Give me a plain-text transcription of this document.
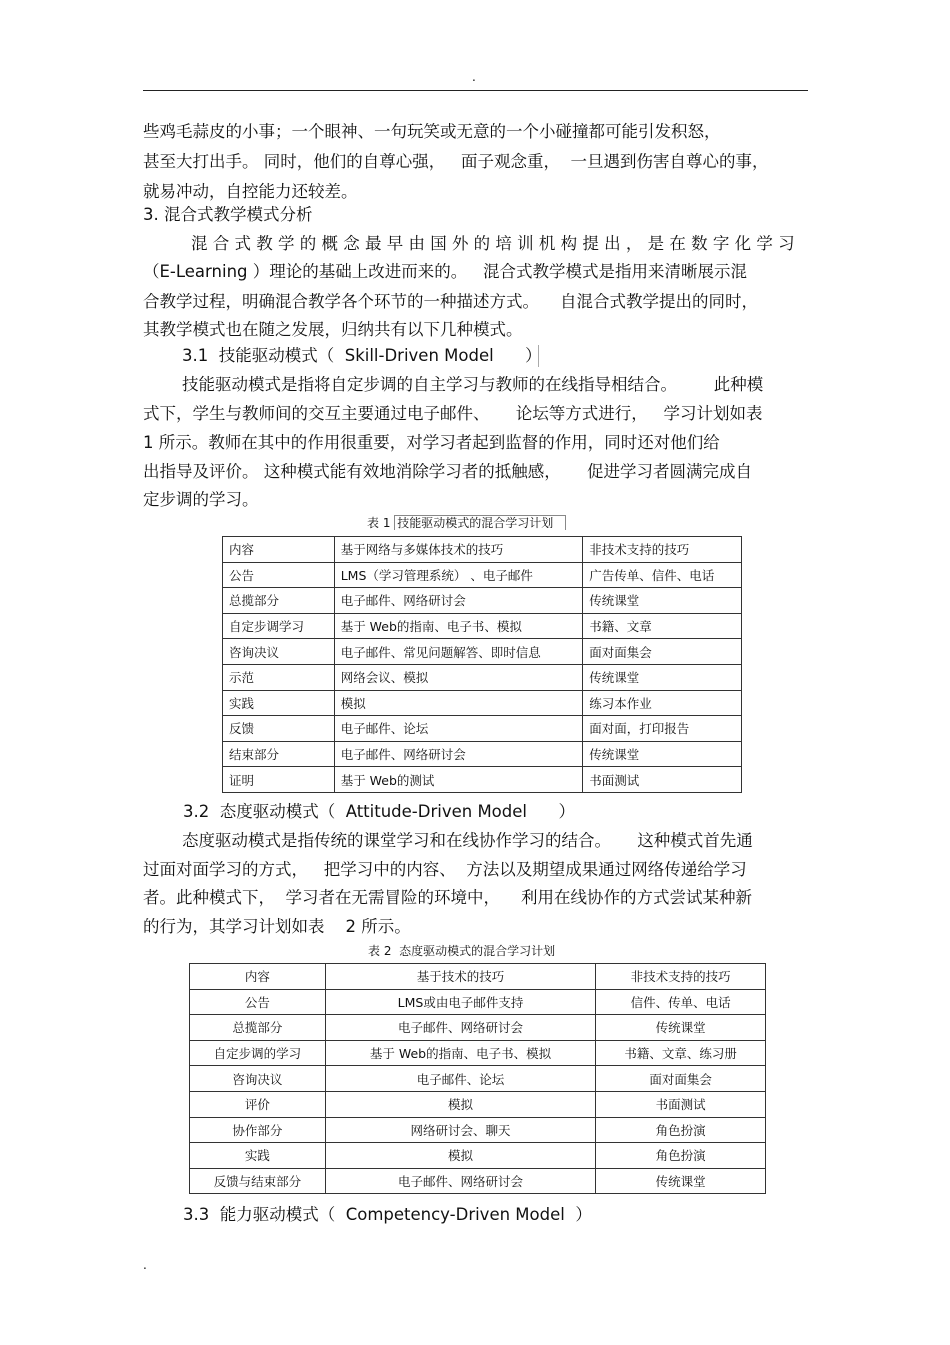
.
些鸡毛蒜皮的小事；一个眼神、一句玩笑或无意的一个小碰撞都可能引发积怒，
甚至大打出手。 同时，他们的自尊心强，   面子观念重，  一旦遇到伤害自尊心的事，
就易冲动，自控能力还较差。
3. 混合式教学模式分析
混 合 式 教 学 的 概 念 最 早 由 国 外 的 培 训 机 构 提 出 ， 是 在 数 字 化 学 习
（E-Learning ）理论的基础上改进而来的。   混合式教学模式是指用来清晰展示混
合教学过程，明确混合教学各个环节的一种描述方式。    自混合式教学提出的同时，
其教学模式也在随之发展，归纳共有以下几种模式。
3.1  技能驱动模式（  Skill-Driven Model      ）
技能驱动模式是指将自定步调的自主学习与教师的在线指导相结合。       此种模
式下，学生与教师间的交互主要通过电子邮件、     论坛等方式进行，   学习计划如表
1 所示。教师在其中的作用很重要，对学习者起到监督的作用，同时还对他们给
出指导及评价。 这种模式能有效地消除学习者的抵触感，     促进学习者圆满完成自
定步调的学习。
表 1 技能驱动模式的混合学习计划
内容	基于网络与多媒体技术的技巧	非技术支持的技巧
公告	LMS（学习管理系统） 、电子邮件	广告传单、信件、电话
总揽部分	电子邮件、网络研讨会	传统课堂
自定步调学习	基于 Web的指南、电子书、模拟	书籍、文章
咨询决议	电子邮件、常见问题解答、即时信息	面对面集会
示范	网络会议、模拟	传统课堂
实践	模拟	练习本作业
反馈	电子邮件、论坛	面对面，打印报告
结束部分	电子邮件、网络研讨会	传统课堂
证明	基于 Web的测试	书面测试
3.2  态度驱动模式（  Attitude-Driven Model      ）
态度驱动模式是指传统的课堂学习和在线协作学习的结合。     这种模式首先通
过面对面学习的方式，   把学习中的内容、  方法以及期望成果通过网络传递给学习
者。此种模式下，  学习者在无需冒险的环境中，    利用在线协作的方式尝试某种新
的行为，其学习计划如表    2 所示。
表 2  态度驱动模式的混合学习计划
内容	基于技术的技巧	非技术支持的技巧
公告	LMS或由电子邮件支持	信件、传单、电话
总揽部分	电子邮件、网络研讨会	传统课堂
自定步调的学习	基于 Web的指南、电子书、模拟	书籍、文章、练习册
咨询决议	电子邮件、论坛	面对面集会
评价	模拟	书面测试
协作部分	网络研讨会、聊天	角色扮演
实践	模拟	角色扮演
反馈与结束部分	电子邮件、网络研讨会	传统课堂
3.3  能力驱动模式（  Competency-Driven Model  ）
.
